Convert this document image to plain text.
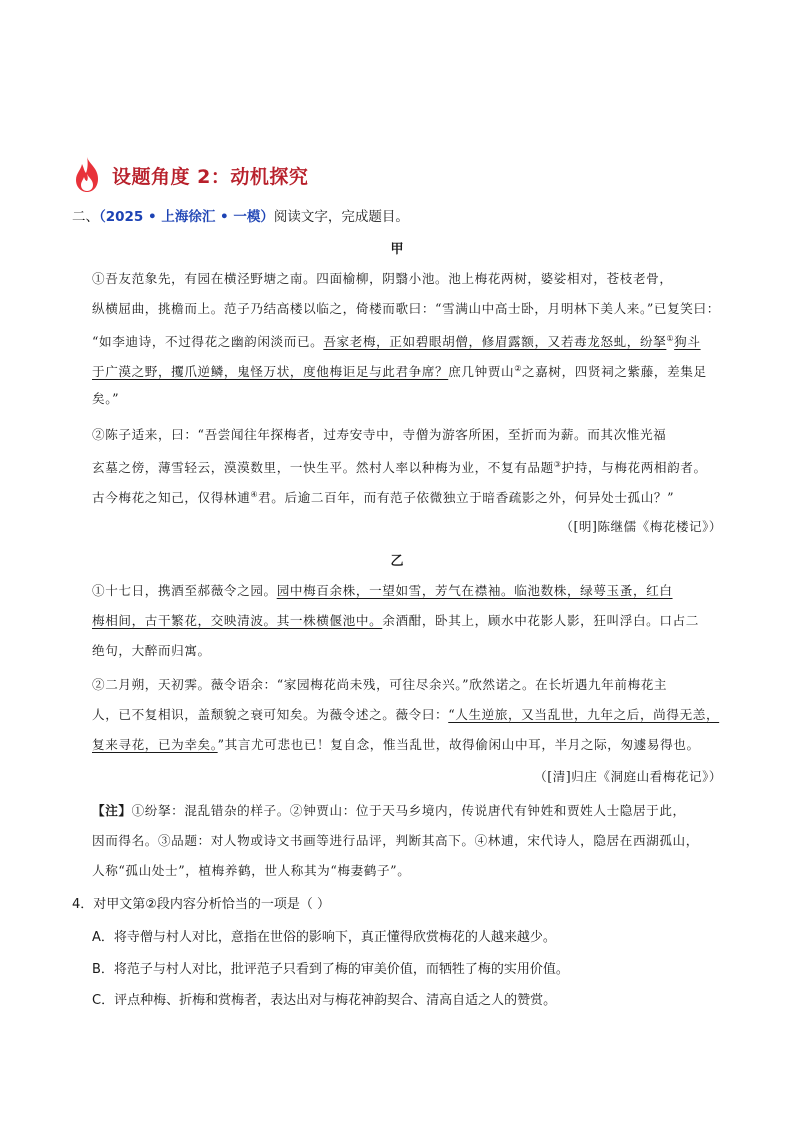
设题角度 2：动机探究
二、（2025 • 上海徐汇 • 一模）阅读文字，完成题目。
甲
①吾友范象先，有园在横泾野塘之南。四面榆柳，阴翳小池。池上梅花两树，婆娑相对，苍枝老骨，
纵横屈曲，挑檐而上。范子乃结高楼以临之，倚楼而歌曰：“雪满山中高士卧，月明林下美人来。”已复笑曰：
“如李迪诗，不过得花之幽韵闲淡而已。吾家老梅，正如碧眼胡僧，修眉露额，又若毒龙怒虬，纷拏①狗斗
于广漠之野，攫爪逆鳞，鬼怪万状，度他梅讵足与此君争席？庶几钟贾山②之嘉树，四贤祠之紫藤，差集足
矣。”
②陈子适来，曰：“吾尝闻往年探梅者，过寿安寺中，寺僧为游客所困，至折而为薪。而其次惟光福
玄墓之傍，薄雪轻云，漠漠数里，一快生平。然村人率以种梅为业，不复有品题③护持，与梅花两相韵者。
古今梅花之知己，仅得林逋④君。后逾二百年，而有范子依微独立于暗香疏影之外，何异处士孤山？”
（[明]陈继儒《梅花楼记》）
乙
①十七日，携酒至郝薇令之园。园中梅百余株，一望如雪，芳气在襟袖。临池数株，绿萼玉蚤，红白
梅相间，古干繁花，交映清波。其一株横偃池中。余酒酣，卧其上，顾水中花影人影，狂叫浮白。口占二
绝句，大醉而归寓。
②二月朔，天初霁。薇令语余：“家园梅花尚未残，可往尽余兴。”欣然诺之。在长圻遇九年前梅花主
人，已不复相识，盖颓貌之衰可知矣。为薇令述之。薇令曰：“人生逆旅，又当乱世，九年之后，尚得无恙，
复来寻花，已为幸矣。”其言尤可悲也已！复自念，惟当乱世，故得偷闲山中耳，半月之际，匆遽易得也。
（[清]归庄《洞庭山看梅花记》）
【注】①纷拏：混乱错杂的样子。②钟贾山：位于天马乡境内，传说唐代有钟姓和贾姓人士隐居于此，
因而得名。③品题：对人物或诗文书画等进行品评，判断其高下。④林逋，宋代诗人，隐居在西湖孤山，
人称“孤山处士”，植梅养鹤，世人称其为“梅妻鹤子”。
4．对甲文第②段内容分析恰当的一项是（ ）
A．将寺僧与村人对比，意指在世俗的影响下，真正懂得欣赏梅花的人越来越少。
B．将范子与村人对比，批评范子只看到了梅的审美价值，而牺牲了梅的实用价值。
C．评点种梅、折梅和赏梅者，表达出对与梅花神韵契合、清高自适之人的赞赏。
